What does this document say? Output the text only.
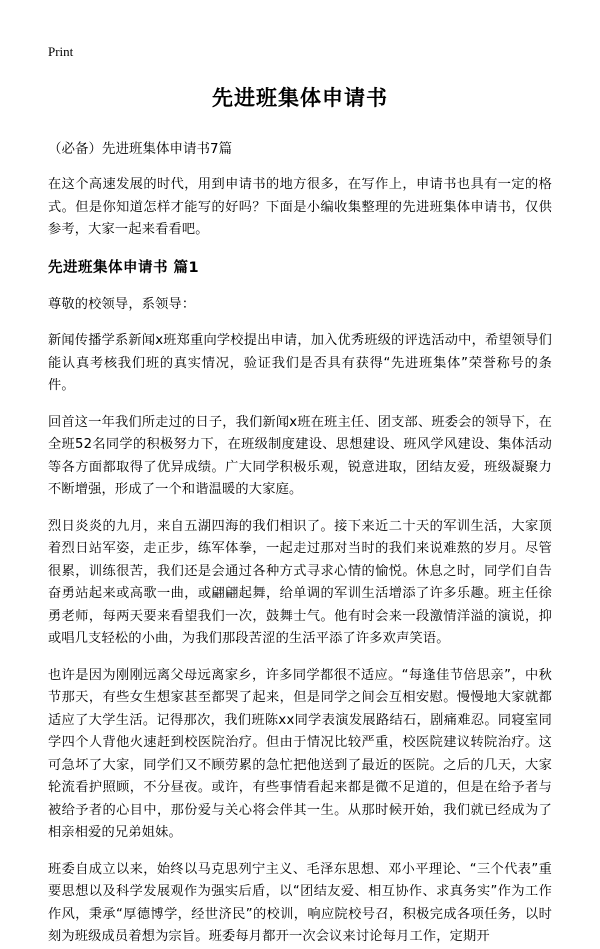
Print
先进班集体申请书

（必备）先进班集体申请书7篇

在这个高速发展的时代，用到申请书的地方很多，在写作上，申请书也具有一定的格式。但是你知道怎样才能写的好吗？下面是小编收集整理的先进班集体申请书，仅供参考，大家一起来看看吧。

先进班集体申请书 篇1

尊敬的校领导，系领导：

新闻传播学系新闻x班郑重向学校提出申请，加入优秀班级的评选活动中，希望领导们能认真考核我们班的真实情况，验证我们是否具有获得“先进班集体”荣誉称号的条件。

回首这一年我们所走过的日子，我们新闻x班在班主任、团支部、班委会的领导下，在全班52名同学的积极努力下，在班级制度建设、思想建设、班风学风建设、集体活动等各方面都取得了优异成绩。广大同学积极乐观，锐意进取，团结友爱，班级凝聚力不断增强，形成了一个和谐温暖的大家庭。

烈日炎炎的九月，来自五湖四海的我们相识了。接下来近二十天的军训生活，大家顶着烈日站军姿，走正步，练军体拳，一起走过那对当时的我们来说难熬的岁月。尽管很累，训练很苦，我们还是会通过各种方式寻求心情的愉悦。休息之时，同学们自告奋勇站起来或高歌一曲，或翩翩起舞，给单调的军训生活增添了许多乐趣。班主任徐勇老师，每两天要来看望我们一次，鼓舞士气。他有时会来一段激情洋溢的演说，抑或唱几支轻松的小曲，为我们那段苦涩的生活平添了许多欢声笑语。

也许是因为刚刚远离父母远离家乡，许多同学都很不适应。“每逢佳节倍思亲”，中秋节那天，有些女生想家甚至都哭了起来，但是同学之间会互相安慰。慢慢地大家就都适应了大学生活。记得那次，我们班陈xx同学表演发展路结石，剧痛难忍。同寝室同学四个人背他火速赶到校医院治疗。但由于情况比较严重，校医院建议转院治疗。这可急坏了大家，同学们又不顾劳累的急忙把他送到了最近的医院。之后的几天，大家轮流看护照顾，不分昼夜。或许，有些事情看起来都是微不足道的，但是在给予者与被给予者的心目中，那份爱与关心将会伴其一生。从那时候开始，我们就已经成为了相亲相爱的兄弟姐妹。

班委自成立以来，始终以马克思列宁主义、毛泽东思想、邓小平理论、“三个代表”重要思想以及科学发展观作为强实后盾，以“团结友爱、相互协作、求真务实”作为工作作风，秉承“厚德博学，经世济民”的校训，响应院校号召，积极完成各项任务，以时刻为班级成员着想为宗旨。班委每月都开一次会议来讨论每月工作，定期开
